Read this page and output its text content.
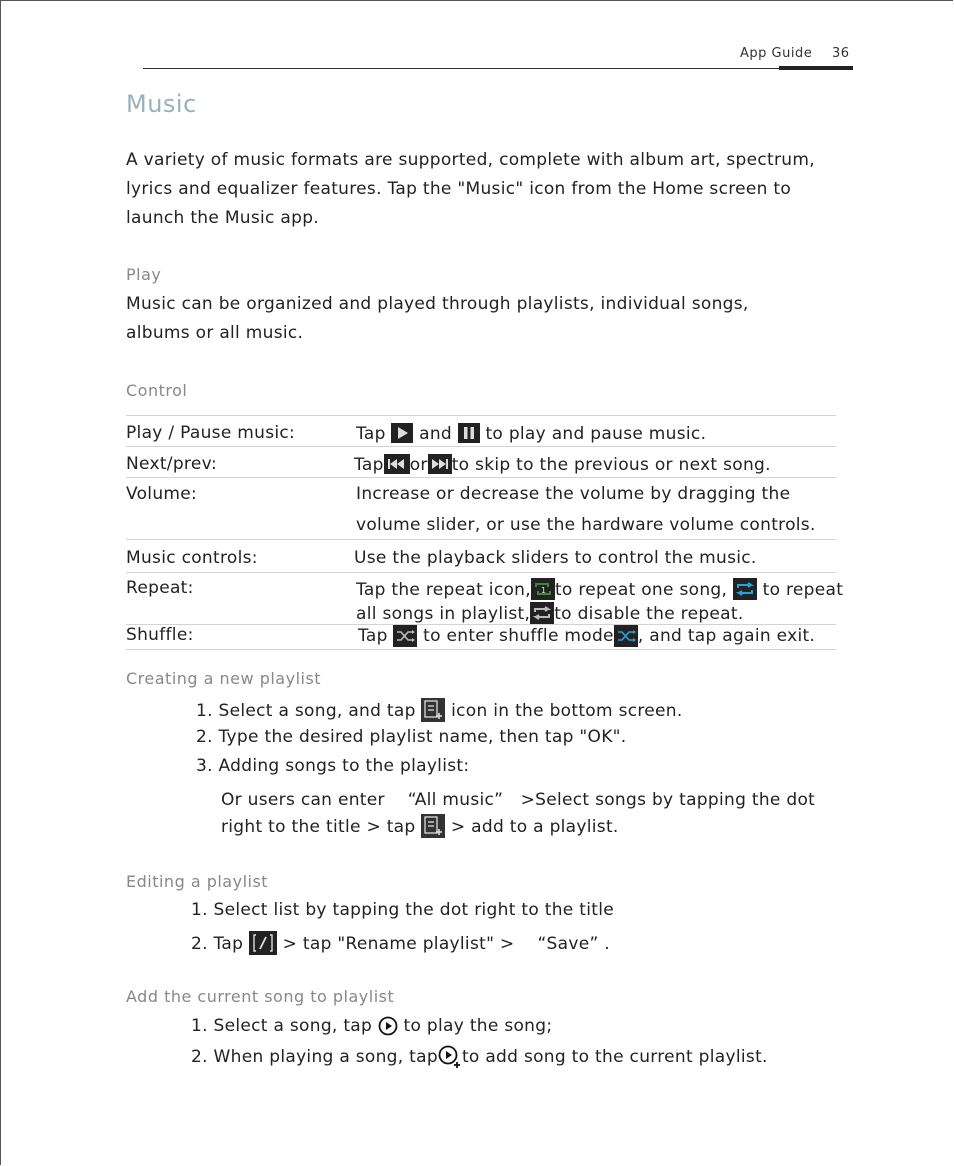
App Guide 36
Music
A variety of music formats are supported, complete with album art, spectrum, lyrics and equalizer features. Tap the "Music" icon from the Home screen to launch the Music app.
Play
Music can be organized and played through playlists, individual songs, albums or all music.
Control
Play / Pause music:	Tap and to play and pause music.
Next/prev:	Tap or to skip to the previous or next song.
Volume:	Increase or decrease the volume by dragging the
volume slider, or use the hardware volume controls.
Music controls:	Use the playback sliders to control the music.
Repeat:	Tap the repeat icon, 1 to repeat one song, to repeat
all songs in playlist, to disable the repeat.
Shuffle:	Tap to enter shuffle mode , and tap again exit.
Creating a new playlist
1. Select a song, and tap icon in the bottom screen.
2. Type the desired playlist name, then tap "OK".
3. Adding songs to the playlist:
Or users can enter 　“All music”　>Select songs by tapping the dot
right to the title > tap > add to a playlist.
Editing a playlist
1. Select list by tapping the dot right to the title
2. Tap > tap "Rename playlist" > 　“Save” .
Add the current song to playlist
1. Select a song, tap to play the song;
2. When playing a song, tap to add song to the current playlist.
